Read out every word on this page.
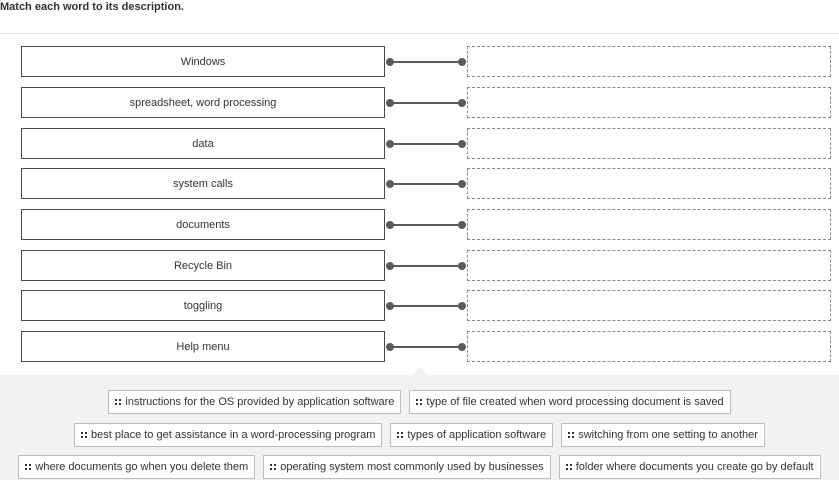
Match each word to its description.
Windows
spreadsheet, word processing
data
system calls
documents
Recycle Bin
toggling
Help menu
instructions for the OS provided by application software	type of file created when word processing document is saved
best place to get assistance in a word-processing program	types of application software	switching from one setting to another
where documents go when you delete them	operating system most commonly used by businesses	folder where documents you create go by default
